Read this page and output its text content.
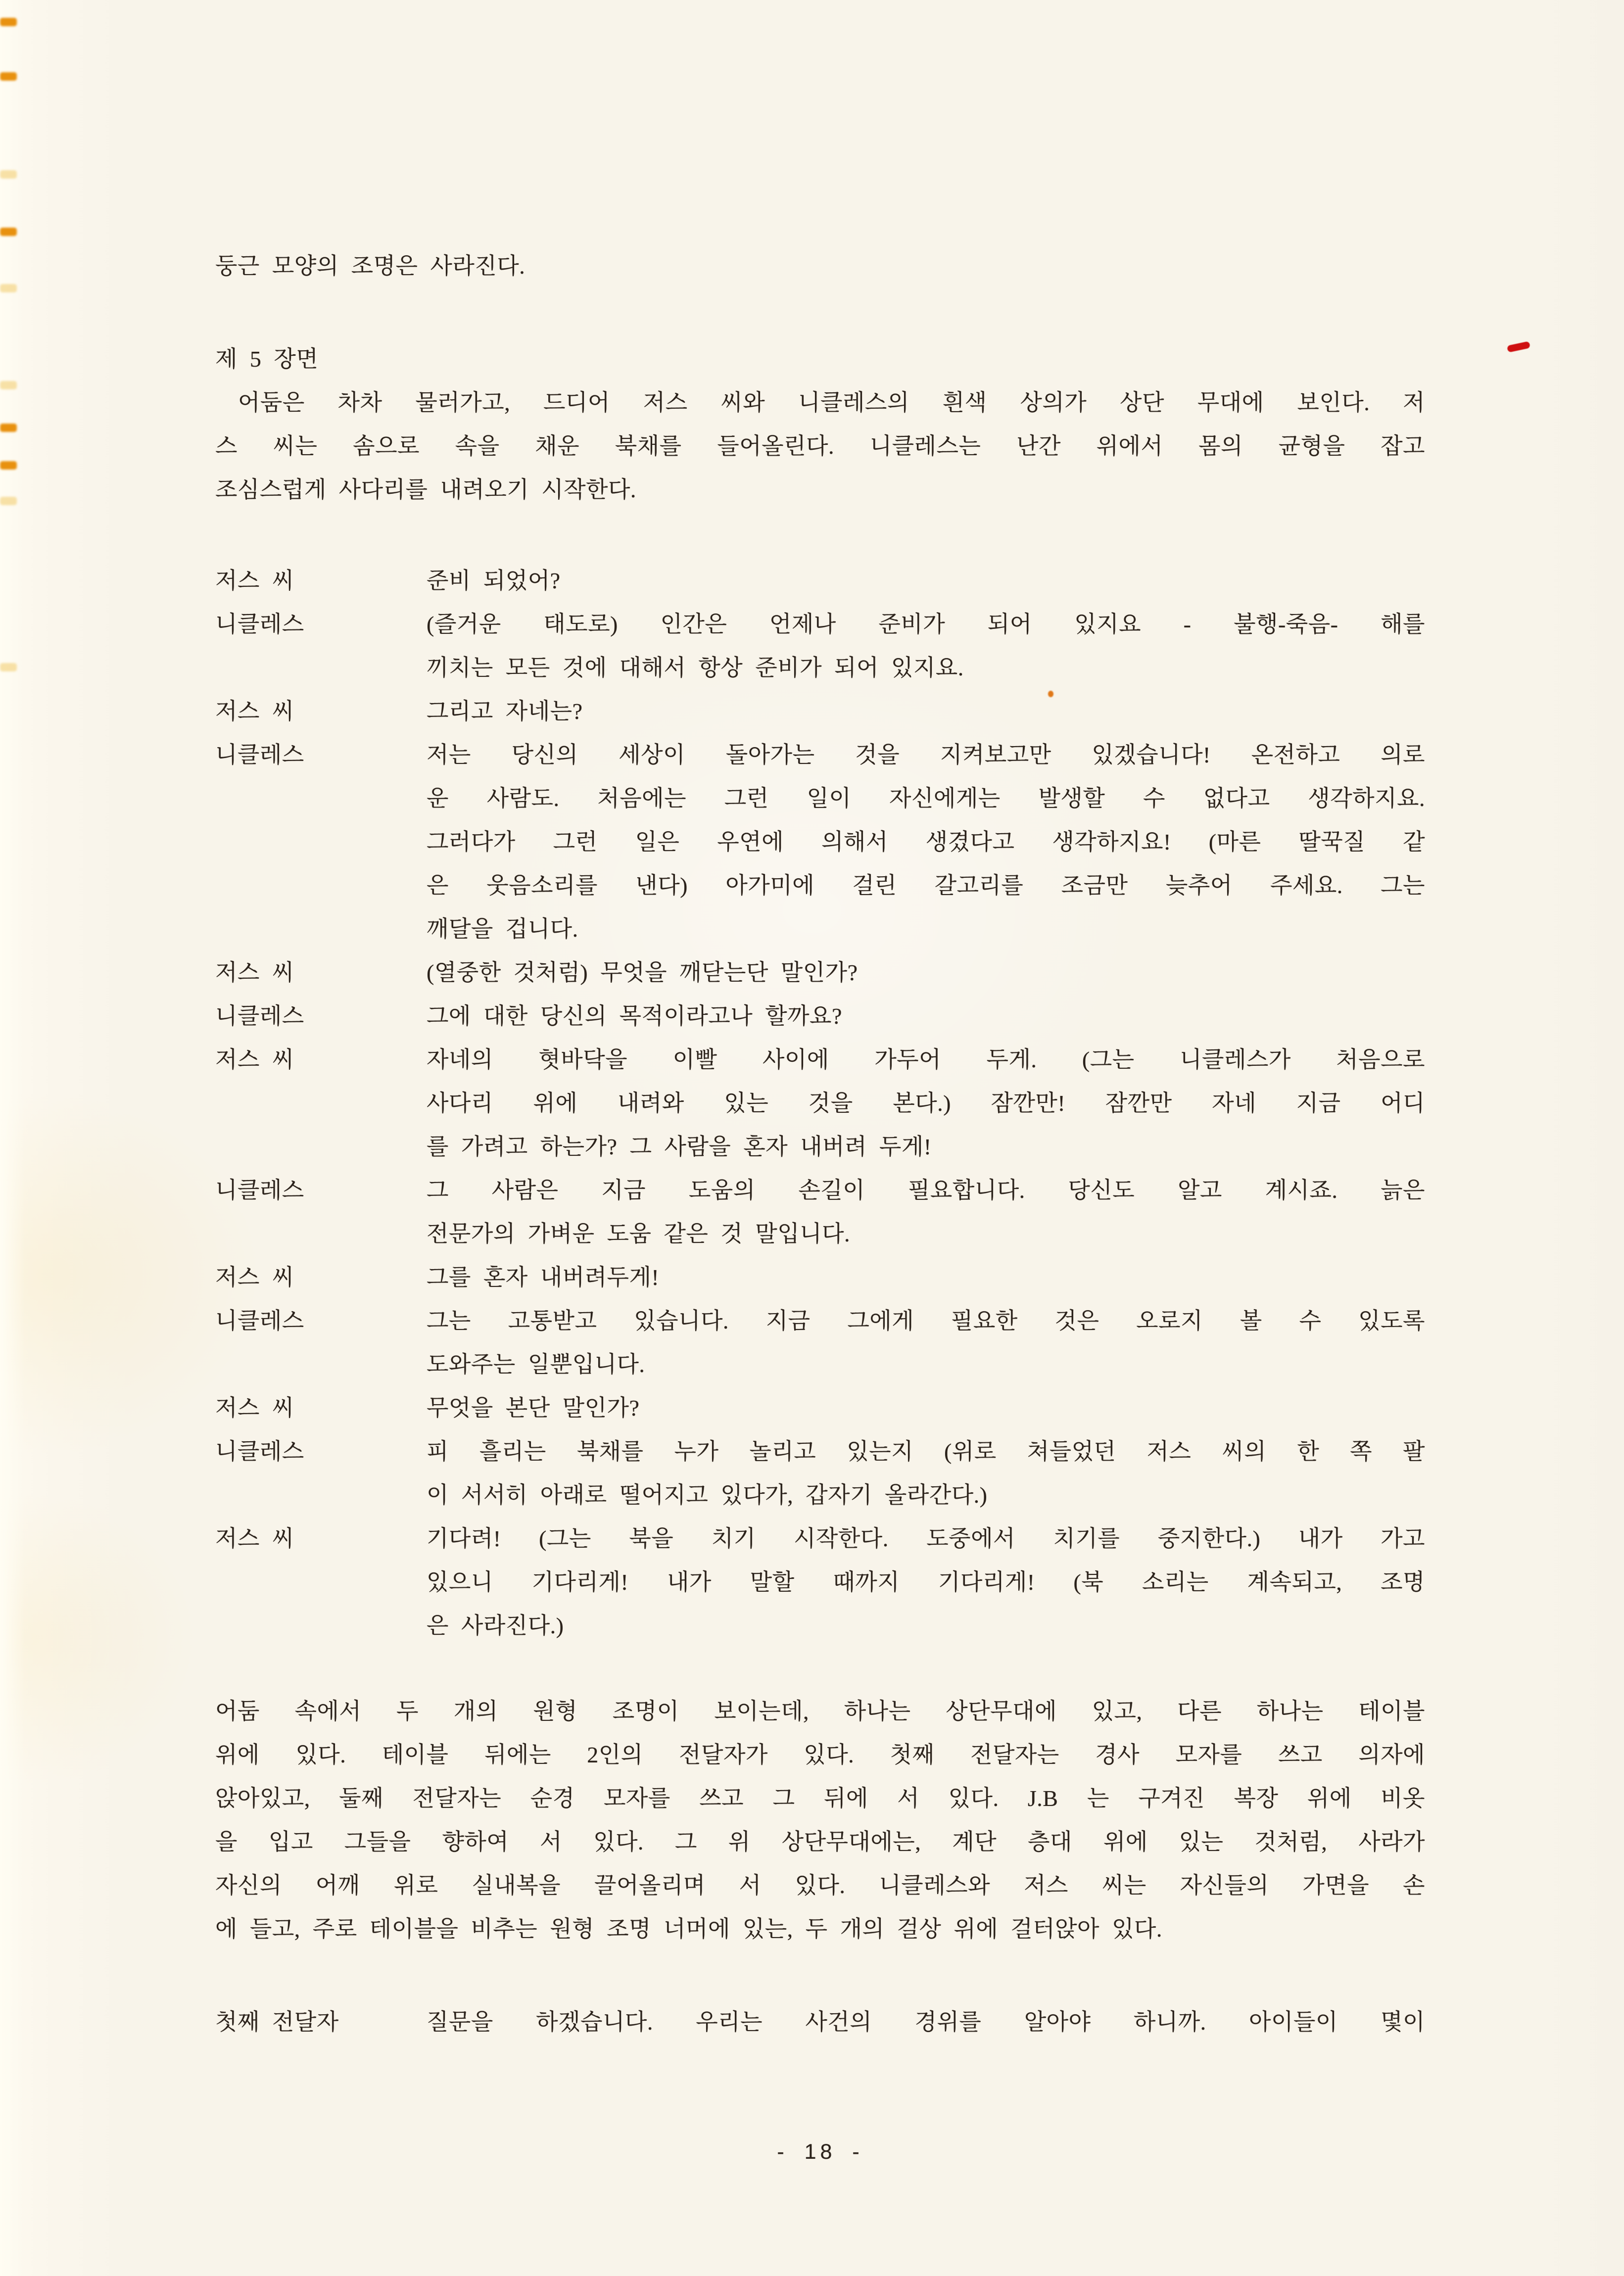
둥근 모양의 조명은 사라진다.
제 5 장면
어둠은 차차 물러가고, 드디어 저스 씨와 니클레스의 흰색 상의가 상단 무대에 보인다. 저
스 씨는 솜으로 속을 채운 북채를 들어올린다. 니클레스는 난간 위에서 몸의 균형을 잡고
조심스럽게 사다리를 내려오기 시작한다.
저스 씨	준비 되었어?
니클레스	(즐거운 태도로) 인간은 언제나 준비가 되어 있지요 - 불행-죽음- 해를
끼치는 모든 것에 대해서 항상 준비가 되어 있지요.
저스 씨	그리고 자네는?
니클레스	저는 당신의 세상이 돌아가는 것을 지켜보고만 있겠습니다! 온전하고 의로
운 사람도. 처음에는 그런 일이 자신에게는 발생할 수 없다고 생각하지요.
그러다가 그런 일은 우연에 의해서 생겼다고 생각하지요! (마른 딸꾹질 같
은 웃음소리를 낸다) 아가미에 걸린 갈고리를 조금만 늦추어 주세요. 그는
깨달을 겁니다.
저스 씨	(열중한 것처럼) 무엇을 깨닫는단 말인가?
니클레스	그에 대한 당신의 목적이라고나 할까요?
저스 씨	자네의 혓바닥을 이빨 사이에 가두어 두게. (그는 니클레스가 처음으로
사다리 위에 내려와 있는 것을 본다.) 잠깐만! 잠깐만 자네 지금 어디
를 가려고 하는가? 그 사람을 혼자 내버려 두게!
니클레스	그 사람은 지금 도움의 손길이 필요합니다. 당신도 알고 계시죠. 늙은
전문가의 가벼운 도움 같은 것 말입니다.
저스 씨	그를 혼자 내버려두게!
니클레스	그는 고통받고 있습니다. 지금 그에게 필요한 것은 오로지 볼 수 있도록
도와주는 일뿐입니다.
저스 씨	무엇을 본단 말인가?
니클레스	피 흘리는 북채를 누가 놀리고 있는지 (위로 쳐들었던 저스 씨의 한 쪽 팔
이 서서히 아래로 떨어지고 있다가, 갑자기 올라간다.)
저스 씨	기다려! (그는 북을 치기 시작한다. 도중에서 치기를 중지한다.) 내가 가고
있으니 기다리게! 내가 말할 때까지 기다리게! (북 소리는 계속되고, 조명
은 사라진다.)
어둠 속에서 두 개의 원형 조명이 보이는데, 하나는 상단무대에 있고, 다른 하나는 테이블
위에 있다. 테이블 뒤에는 2인의 전달자가 있다. 첫째 전달자는 경사 모자를 쓰고 의자에
앉아있고, 둘째 전달자는 순경 모자를 쓰고 그 뒤에 서 있다. J.B 는 구겨진 복장 위에 비옷
을 입고 그들을 향하여 서 있다. 그 위 상단무대에는, 계단 층대 위에 있는 것처럼, 사라가
자신의 어깨 위로 실내복을 끌어올리며 서 있다. 니클레스와 저스 씨는 자신들의 가면을 손
에 들고, 주로 테이블을 비추는 원형 조명 너머에 있는, 두 개의 걸상 위에 걸터앉아 있다.
첫째 전달자	질문을 하겠습니다. 우리는 사건의 경위를 알아야 하니까. 아이들이 몇이
- 18 -
